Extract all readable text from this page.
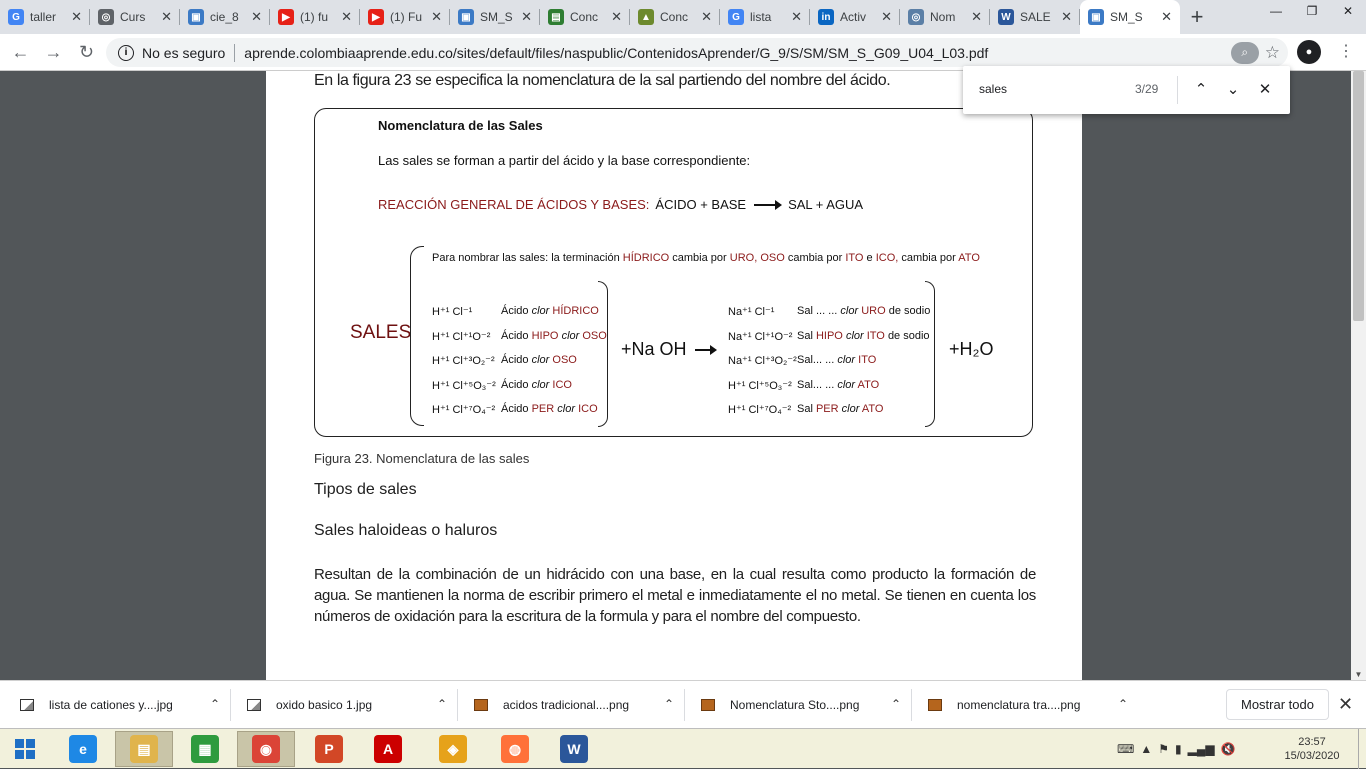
G taller	✕	◎ Curs	✕	▣ cie_8 ✕	▶ (1) fu	✕	▶ (1) Fu ✕	▣ SM_S ✕	▤ Conc	✕	▲ Conc	✕	G lista	✕	in Activ	✕	◎ Nom	✕	W SALE ✕	▣ SM_S	✕ +	—	❐	✕
← → ↻	i	No es seguro aprende.colombiaaprende.edu.co/sites/default/files/naspublic/ContenidosAprender/G_9/S/SM/SM_S_G09_U04_L03.pdf	⌕ ☆	●	⋮
En la figura 23 se especifica la nomenclatura de la sal partiendo del nombre del ácido.
Nomenclatura de las Sales
Las sales se forman a partir del ácido y la base correspondiente:
REACCIÓN GENERAL DE ÁCIDOS Y BASES: ÁCIDO + BASE → SAL + AGUA
Para nombrar las sales: la terminación HÍDRICO cambia por URO, OSO cambia por ITO e ICO, cambia por ATO
SALES
H⁺¹ Cl⁻¹	Ácido clor HÍDRICO
H⁺¹ Cl⁺¹O⁻² Ácido HIPO clor OSO
H⁺¹ Cl⁺³O₂⁻² Ácido clor OSO
H⁺¹ Cl⁺⁵O₃⁻² Ácido clor ICO
H⁺¹ Cl⁺⁷O₄⁻² Ácido PER clor ICO
+Na OH
Na⁺¹ Cl⁻¹ Sal ... ... clor URO de sodio
Na⁺¹ Cl⁺¹O⁻² Sal HIPO clor ITO de sodio
Na⁺¹ Cl⁺³O₂⁻² Sal... ... clor ITO
H⁺¹ Cl⁺⁵O₃⁻² Sal... ... clor ATO
H⁺¹ Cl⁺⁷O₄⁻² Sal PER clor ATO
+H₂O
Figura 23. Nomenclatura de las sales
Tipos de sales
Sales haloideas o haluros
Resultan de la combinación de un hidrácido con una base, en la cual resulta como producto la formación de agua. Se mantienen la norma de escribir primero el metal e inmediatamente el no metal. Se tienen en cuenta los números de oxidación para la escritura de la formula y para el nombre del compuesto.
▼
sales	3/29	⌃	⌄	✕
Mostrar todo	✕
lista de cationes y....jpg	⌃	oxido basico 1.jpg	⌃	acidos tradicional....png	⌃	Nomenclatura Sto....png	⌃	nomenclatura tra....png	⌃
⌨ ▲ ⚑ ▮ ▂▄▆ 🔇	23:57
15/03/2020
e	▤	▦	◉	P	A	◈	◍	W
